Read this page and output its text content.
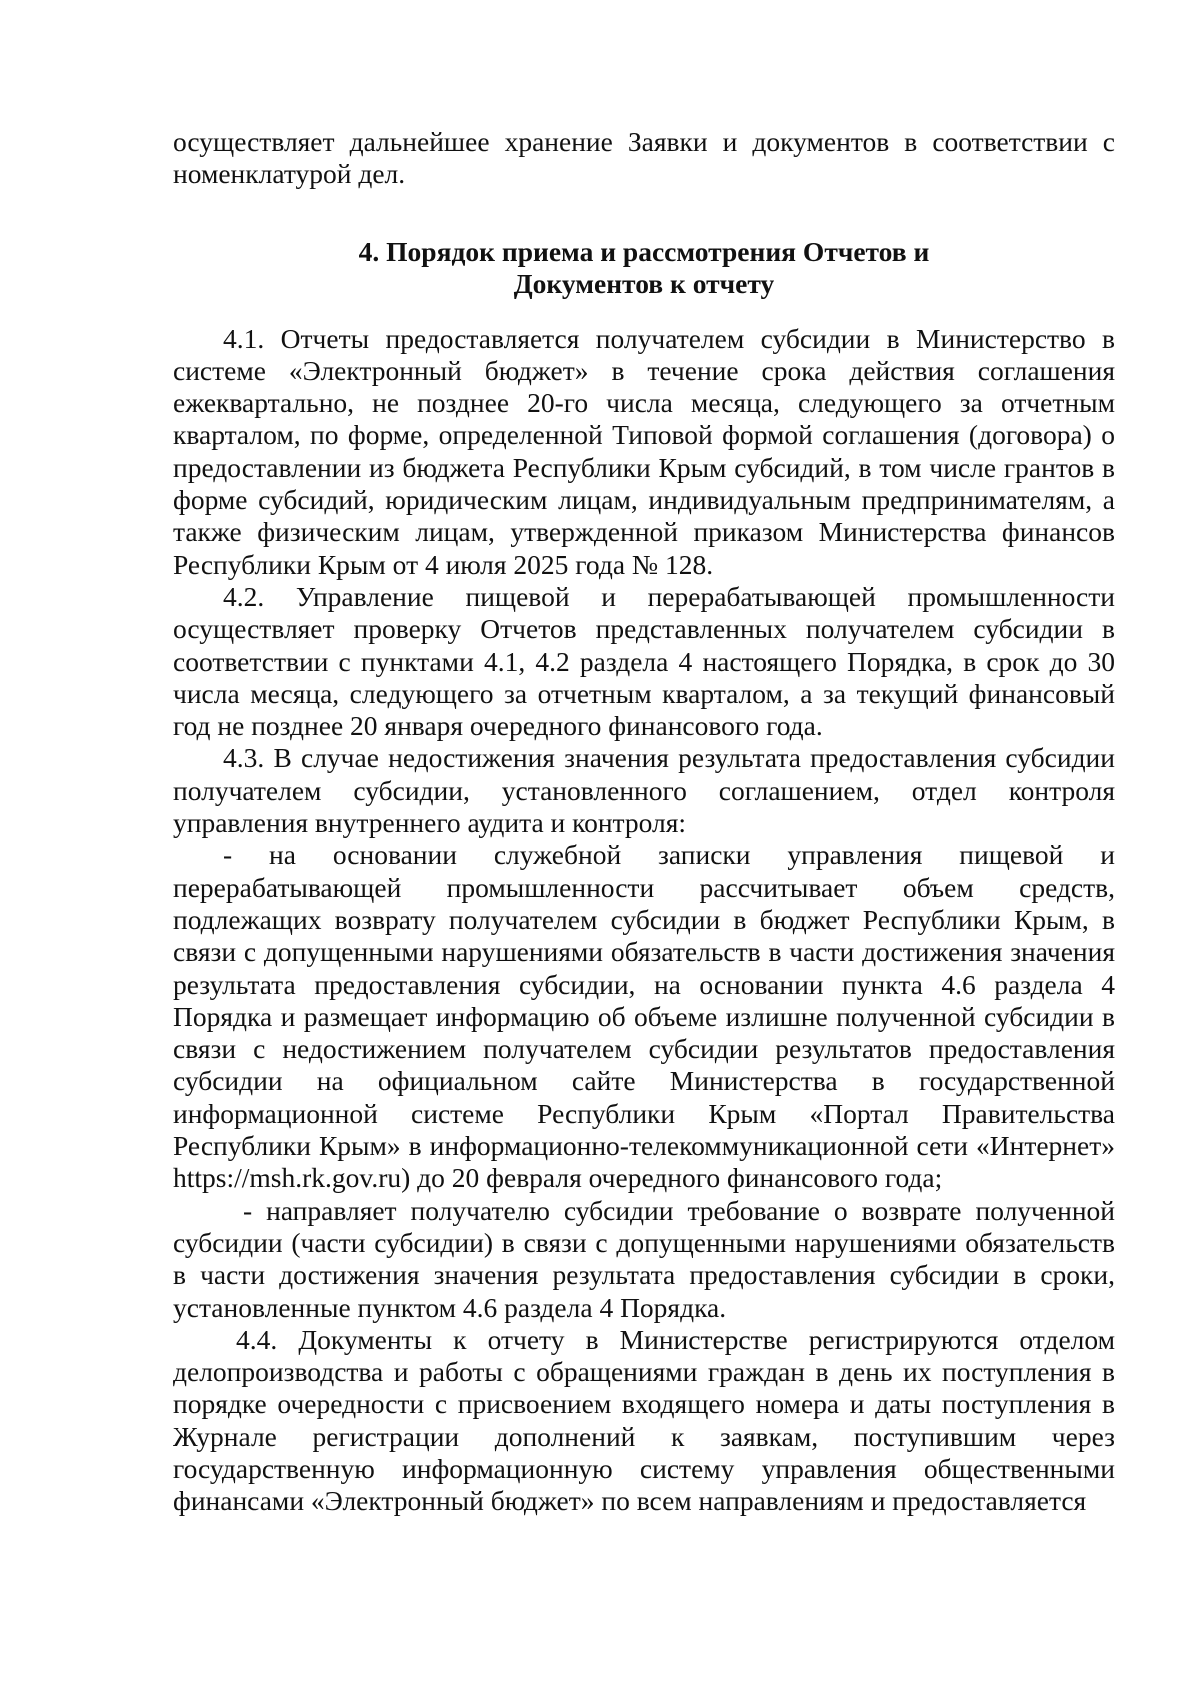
осуществляет дальнейшее хранение Заявки и документов в соответствии с номенклатурой дел.

4. Порядок приема и рассмотрения Отчетов и
Документов к отчету

4.1. Отчеты предоставляется получателем субсидии в Министерство в системе «Электронный бюджет» в течение срока действия соглашения ежеквартально, не позднее 20-го числа месяца, следующего за отчетным кварталом, по форме, определенной Типовой формой соглашения (договора) о предоставлении из бюджета Республики Крым субсидий, в том числе грантов в форме субсидий, юридическим лицам, индивидуальным предпринимателям, а также физическим лицам, утвержденной приказом Министерства финансов Республики Крым от 4 июля 2025 года № 128.

4.2. Управление пищевой и перерабатывающей промышленности осуществляет проверку Отчетов представленных получателем субсидии в соответствии с пунктами 4.1, 4.2 раздела 4 настоящего Порядка, в срок до 30 числа месяца, следующего за отчетным кварталом, а за текущий финансовый год не позднее 20 января очередного финансового года.

4.3. В случае недостижения значения результата предоставления субсидии получателем субсидии, установленного соглашением, отдел контроля управления внутреннего аудита и контроля:

- на основании служебной записки управления пищевой и перерабатывающей промышленности рассчитывает объем средств, подлежащих возврату получателем субсидии в бюджет Республики Крым, в связи с допущенными нарушениями обязательств в части достижения значения результата предоставления субсидии, на основании пункта 4.6 раздела 4 Порядка и размещает информацию об объеме излишне полученной субсидии в связи с недостижением получателем субсидии результатов предоставления субсидии на официальном сайте Министерства в государственной информационной системе Республики Крым «Портал Правительства Республики Крым» в информационно-телекоммуникационной сети «Интернет» https://msh.rk.gov.ru) до 20 февраля очередного финансового года;

- направляет получателю субсидии требование о возврате полученной субсидии (части субсидии) в связи с допущенными нарушениями обязательств в части достижения значения результата предоставления субсидии в сроки, установленные пунктом 4.6 раздела 4 Порядка.

4.4. Документы к отчету в Министерстве регистрируются отделом делопроизводства и работы с обращениями граждан в день их поступления в порядке очередности с присвоением входящего номера и даты поступления в Журнале регистрации дополнений к заявкам, поступившим через государственную информационную систему управления общественными финансами «Электронный бюджет» по всем направлениям и предоставляется
